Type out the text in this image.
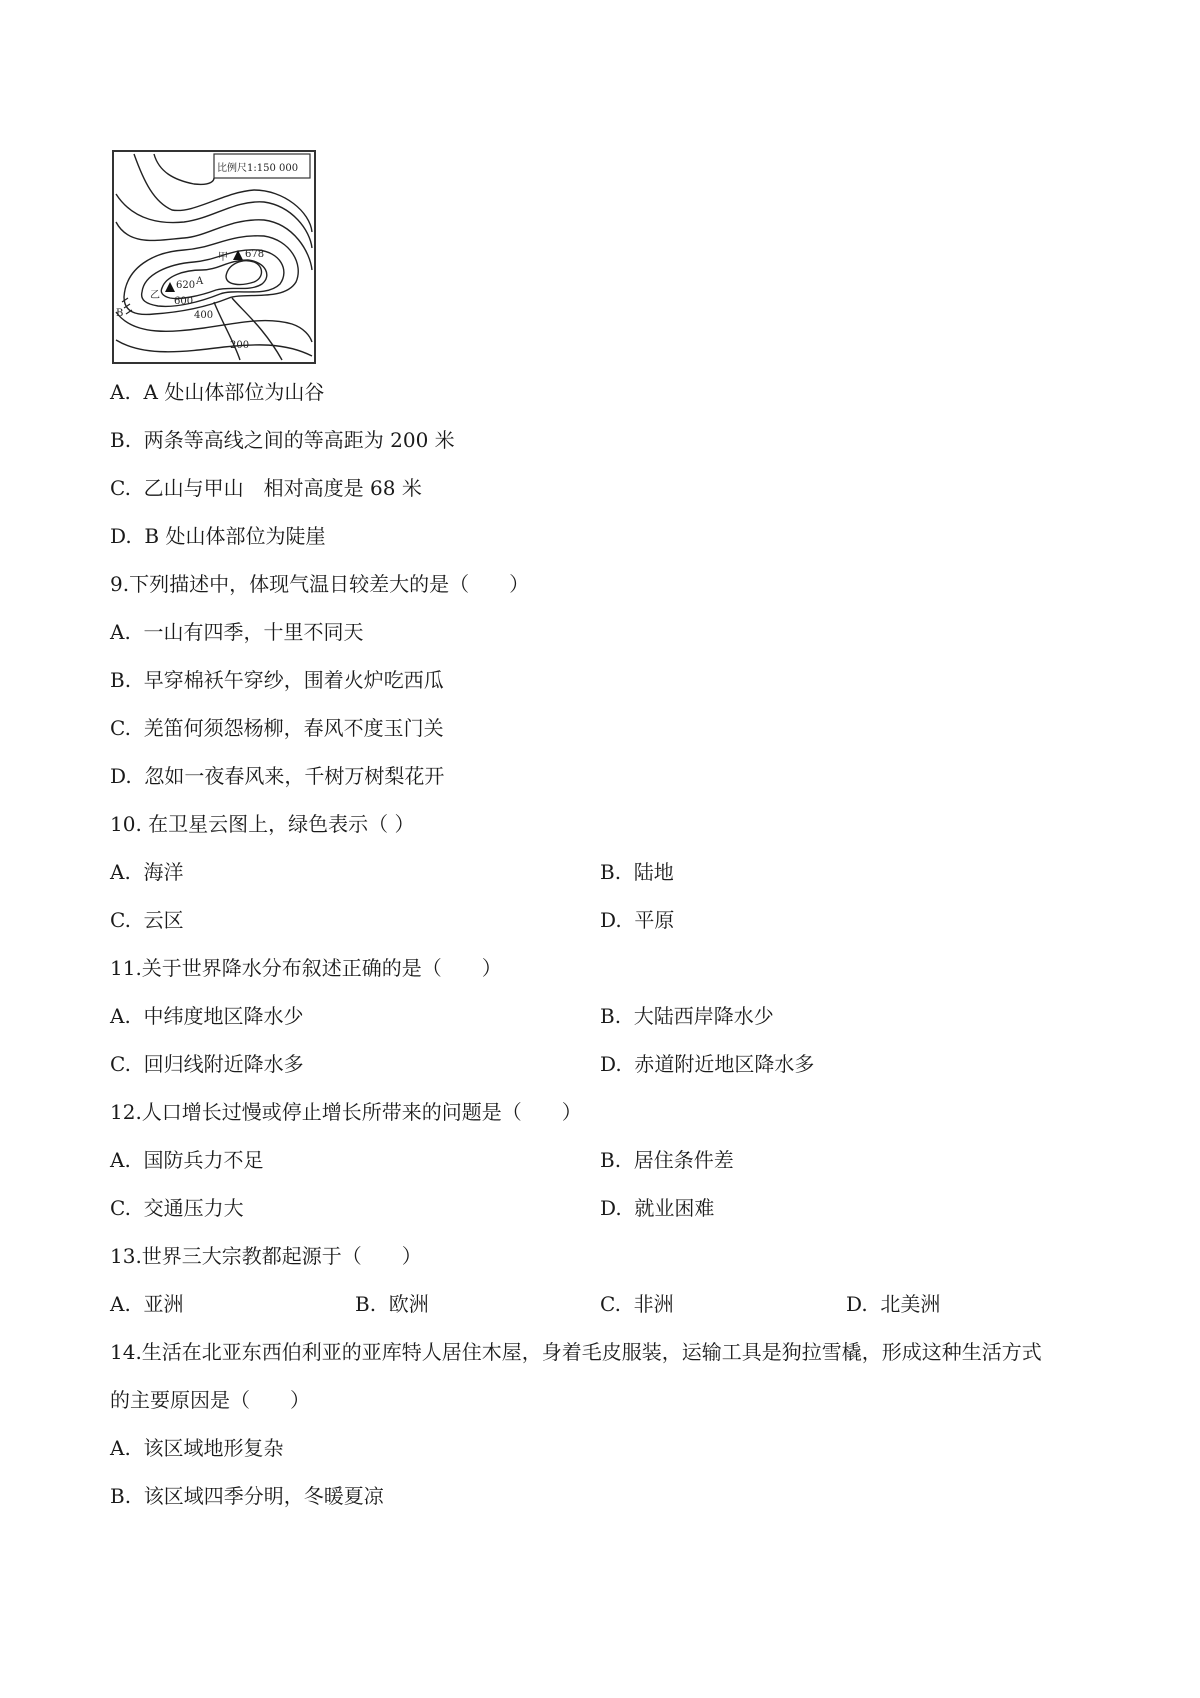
比例尺1:150 000
甲 678
乙
620
600
400
200
A
B
A. A 处山体部位为山谷
B. 两条等高线之间的等高距为 200 米
C. 乙山与甲山　相对高度是 68 米
D. B 处山体部位为陡崖
9.下列描述中，体现气温日较差大的是（　　）
A. 一山有四季，十里不同天
B. 早穿棉袄午穿纱，围着火炉吃西瓜
C. 羌笛何须怨杨柳，春风不度玉门关
D. 忽如一夜春风来，千树万树梨花开
10. 在卫星云图上，绿色表示（ ）
A. 海洋	B. 陆地
C. 云区	D. 平原
11.关于世界降水分布叙述正确的是（　　）
A. 中纬度地区降水少	B. 大陆西岸降水少
C. 回归线附近降水多	D. 赤道附近地区降水多
12.人口增长过慢或停止增长所带来的问题是（　　）
A. 国防兵力不足	B. 居住条件差
C. 交通压力大	D. 就业困难
13.世界三大宗教都起源于（　　）
A. 亚洲	B. 欧洲	C. 非洲	D. 北美洲
14.生活在北亚东西伯利亚的亚库特人居住木屋，身着毛皮服装，运输工具是狗拉雪橇，形成这种生活方式
的主要原因是（　　）
A. 该区域地形复杂
B. 该区域四季分明，冬暖夏凉
